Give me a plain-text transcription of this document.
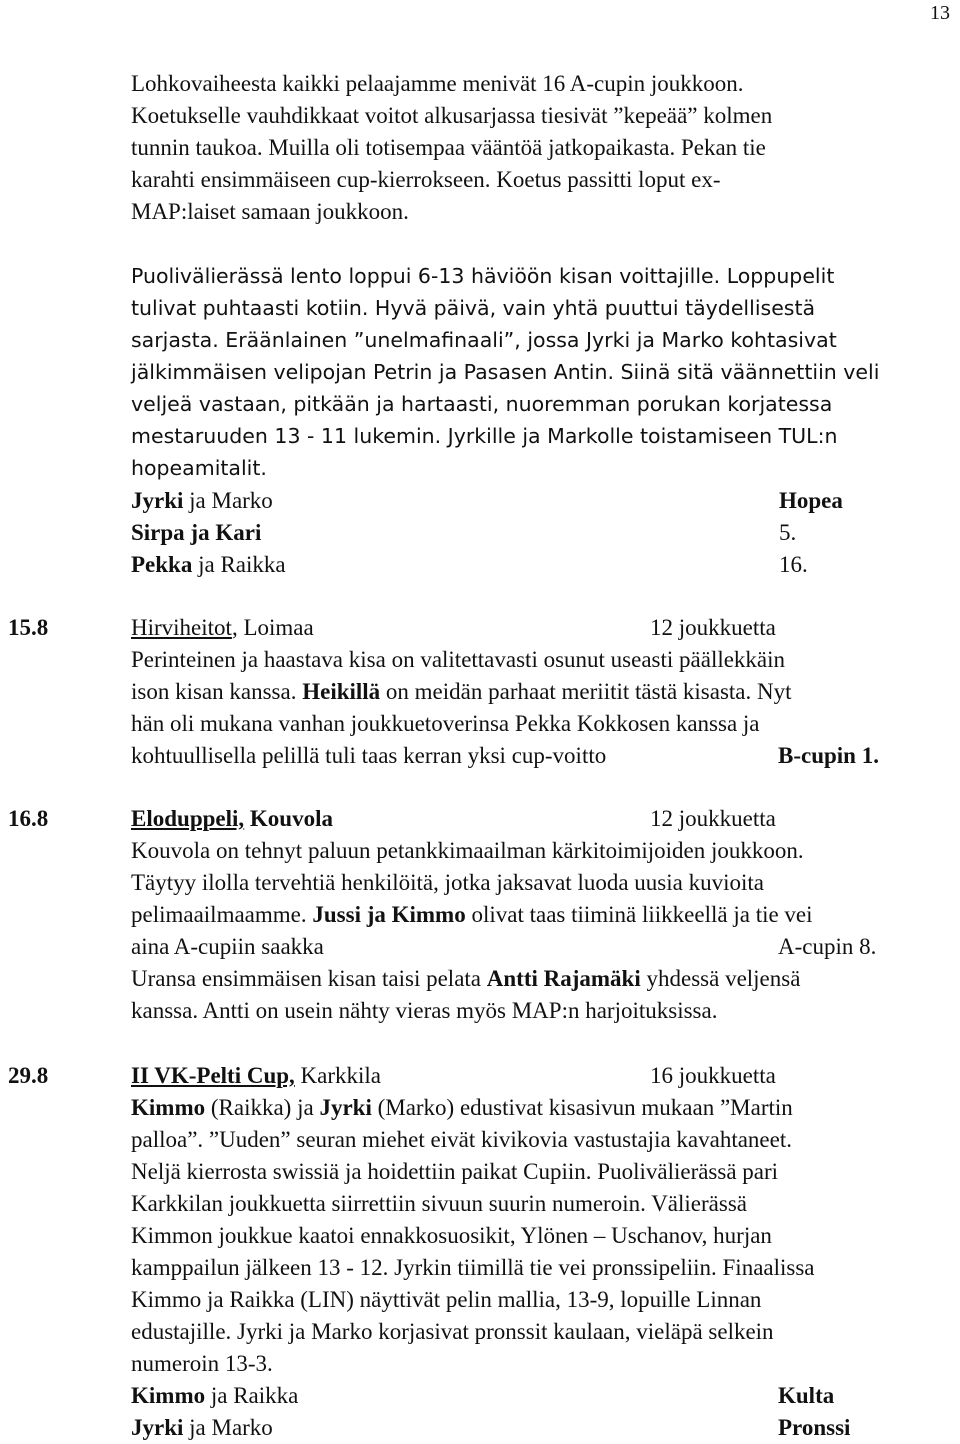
13
Lohkovaiheesta kaikki pelaajamme menivät 16 A-cupin joukkoon.
Koetukselle vauhdikkaat voitot alkusarjassa tiesivät ”kepeää” kolmen
tunnin taukoa. Muilla oli totisempaa vääntöä jatkopaikasta. Pekan tie
karahti ensimmäiseen cup-kierrokseen. Koetus passitti loput ex-
MAP:laiset samaan joukkoon.
Puolivälierässä lento loppui 6-13 häviöön kisan voittajille. Loppupelit
tulivat puhtaasti kotiin. Hyvä päivä, vain yhtä puuttui täydellisestä
sarjasta. Eräänlainen ”unelmafinaali”, jossa Jyrki ja Marko kohtasivat
jälkimmäisen velipojan Petrin ja Pasasen Antin. Siinä sitä väännettiin veli
veljeä vastaan, pitkään ja hartaasti, nuoremman porukan korjatessa
mestaruuden 13 - 11 lukemin. Jyrkille ja Markolle toistamiseen TUL:n
hopeamitalit.
Jyrki ja Marko	Hopea
Sirpa ja Kari	5.
Pekka ja Raikka	16.
15.8	Hirviheitot, Loimaa	12 joukkuetta
Perinteinen ja haastava kisa on valitettavasti osunut useasti päällekkäin
ison kisan kanssa. Heikillä on meidän parhaat meriitit tästä kisasta. Nyt
hän oli mukana vanhan joukkuetoverinsa Pekka Kokkosen kanssa ja
kohtuullisella pelillä tuli taas kerran yksi cup-voitto	B-cupin 1.
16.8	Eloduppeli, Kouvola	12 joukkuetta
Kouvola on tehnyt paluun petankkimaailman kärkitoimijoiden joukkoon.
Täytyy ilolla tervehtiä henkilöitä, jotka jaksavat luoda uusia kuvioita
pelimaailmaamme. Jussi ja Kimmo olivat taas tiiminä liikkeellä ja tie vei
aina A-cupiin saakka	A-cupin 8.
Uransa ensimmäisen kisan taisi pelata Antti Rajamäki yhdessä veljensä
kanssa. Antti on usein nähty vieras myös MAP:n harjoituksissa.
29.8	II VK-Pelti Cup, Karkkila	16 joukkuetta
Kimmo (Raikka) ja Jyrki (Marko) edustivat kisasivun mukaan ”Martin
palloa”. ”Uuden” seuran miehet eivät kivikovia vastustajia kavahtaneet.
Neljä kierrosta swissiä ja hoidettiin paikat Cupiin. Puolivälierässä pari
Karkkilan joukkuetta siirrettiin sivuun suurin numeroin. Välierässä
Kimmon joukkue kaatoi ennakkosuosikit, Ylönen – Uschanov, hurjan
kamppailun jälkeen 13 - 12. Jyrkin tiimillä tie vei pronssipeliin. Finaalissa
Kimmo ja Raikka (LIN) näyttivät pelin mallia, 13-9, lopuille Linnan
edustajille. Jyrki ja Marko korjasivat pronssit kaulaan, vieläpä selkein
numeroin 13-3.
Kimmo ja Raikka	Kulta
Jyrki ja Marko	Pronssi
